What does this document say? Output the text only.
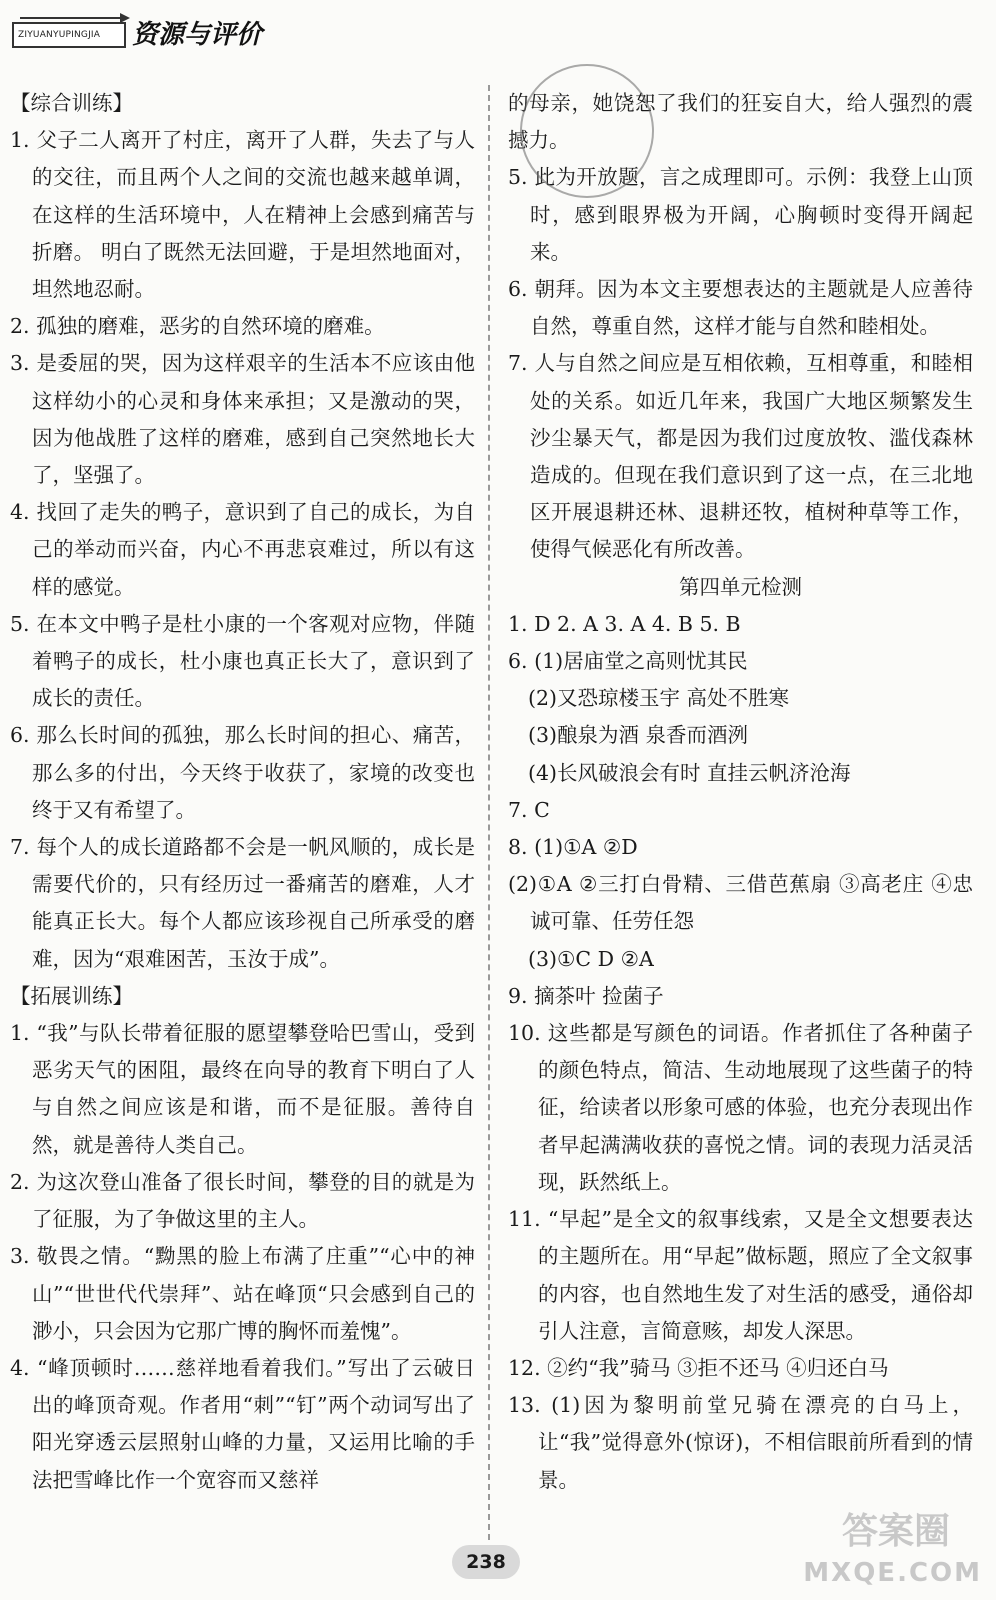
ZIYUANYUPINGJIA 资源与评价

【综合训练】

1. 父子二人离开了村庄，离开了人群，失去了与人的交往，而且两个人之间的交流也越来越单调，在这样的生活环境中，人在精神上会感到痛苦与折磨。 明白了既然无法回避，于是坦然地面对，坦然地忍耐。

2. 孤独的磨难，恶劣的自然环境的磨难。

3. 是委屈的哭，因为这样艰辛的生活本不应该由他这样幼小的心灵和身体来承担；又是激动的哭，因为他战胜了这样的磨难，感到自己突然地长大了，坚强了。

4. 找回了走失的鸭子，意识到了自己的成长，为自己的举动而兴奋，内心不再悲哀难过，所以有这样的感觉。

5. 在本文中鸭子是杜小康的一个客观对应物，伴随着鸭子的成长，杜小康也真正长大了，意识到了成长的责任。

6. 那么长时间的孤独，那么长时间的担心、痛苦，那么多的付出，今天终于收获了，家境的改变也终于又有希望了。

7. 每个人的成长道路都不会是一帆风顺的，成长是需要代价的，只有经历过一番痛苦的磨难，人才能真正长大。每个人都应该珍视自己所承受的磨难，因为“艰难困苦，玉汝于成”。

【拓展训练】

1. “我”与队长带着征服的愿望攀登哈巴雪山，受到恶劣天气的困阻，最终在向导的教育下明白了人与自然之间应该是和谐，而不是征服。善待自然，就是善待人类自己。

2. 为这次登山准备了很长时间，攀登的目的就是为了征服，为了争做这里的主人。

3. 敬畏之情。“黝黑的脸上布满了庄重”“心中的神山”“世世代代崇拜”、站在峰顶“只会感到自己的渺小，只会因为它那广博的胸怀而羞愧”。

4. “峰顶顿时……慈祥地看着我们。”写出了云破日出的峰顶奇观。作者用“刺”“钉”两个动词写出了阳光穿透云层照射山峰的力量，又运用比喻的手法把雪峰比作一个宽容而又慈祥

的母亲，她饶恕了我们的狂妄自大，给人强烈的震撼力。

5. 此为开放题，言之成理即可。示例：我登上山顶时，感到眼界极为开阔，心胸顿时变得开阔起来。

6. 朝拜。因为本文主要想表达的主题就是人应善待自然，尊重自然，这样才能与自然和睦相处。

7. 人与自然之间应是互相依赖，互相尊重，和睦相处的关系。如近几年来，我国广大地区频繁发生沙尘暴天气，都是因为我们过度放牧、滥伐森林造成的。但现在我们意识到了这一点，在三北地区开展退耕还林、退耕还牧，植树种草等工作，使得气候恶化有所改善。

第四单元检测

1. D 2. A 3. A 4. B 5. B

6. (1)居庙堂之高则忧其民

(2)又恐琼楼玉宇 高处不胜寒

(3)酿泉为酒 泉香而酒洌

(4)长风破浪会有时 直挂云帆济沧海

7. C

8. (1)①A ②D

(2)①A ②三打白骨精、三借芭蕉扇 ③高老庄 ④忠诚可靠、任劳任怨

(3)①C D ②A

9. 摘茶叶 捡菌子

10. 这些都是写颜色的词语。作者抓住了各种菌子的颜色特点，简洁、生动地展现了这些菌子的特征，给读者以形象可感的体验，也充分表现出作者早起满满收获的喜悦之情。词的表现力活灵活现，跃然纸上。

11. “早起”是全文的叙事线索，又是全文想要表达的主题所在。用“早起”做标题，照应了全文叙事的内容，也自然地生发了对生活的感受，通俗却引人注意，言简意赅，却发人深思。

12. ②约“我”骑马 ③拒不还马 ④归还白马

13. (1)因为黎明前堂兄骑在漂亮的白马上，让“我”觉得意外(惊讶)，不相信眼前所看到的情景。

238
答案圈
MXQE.COM
